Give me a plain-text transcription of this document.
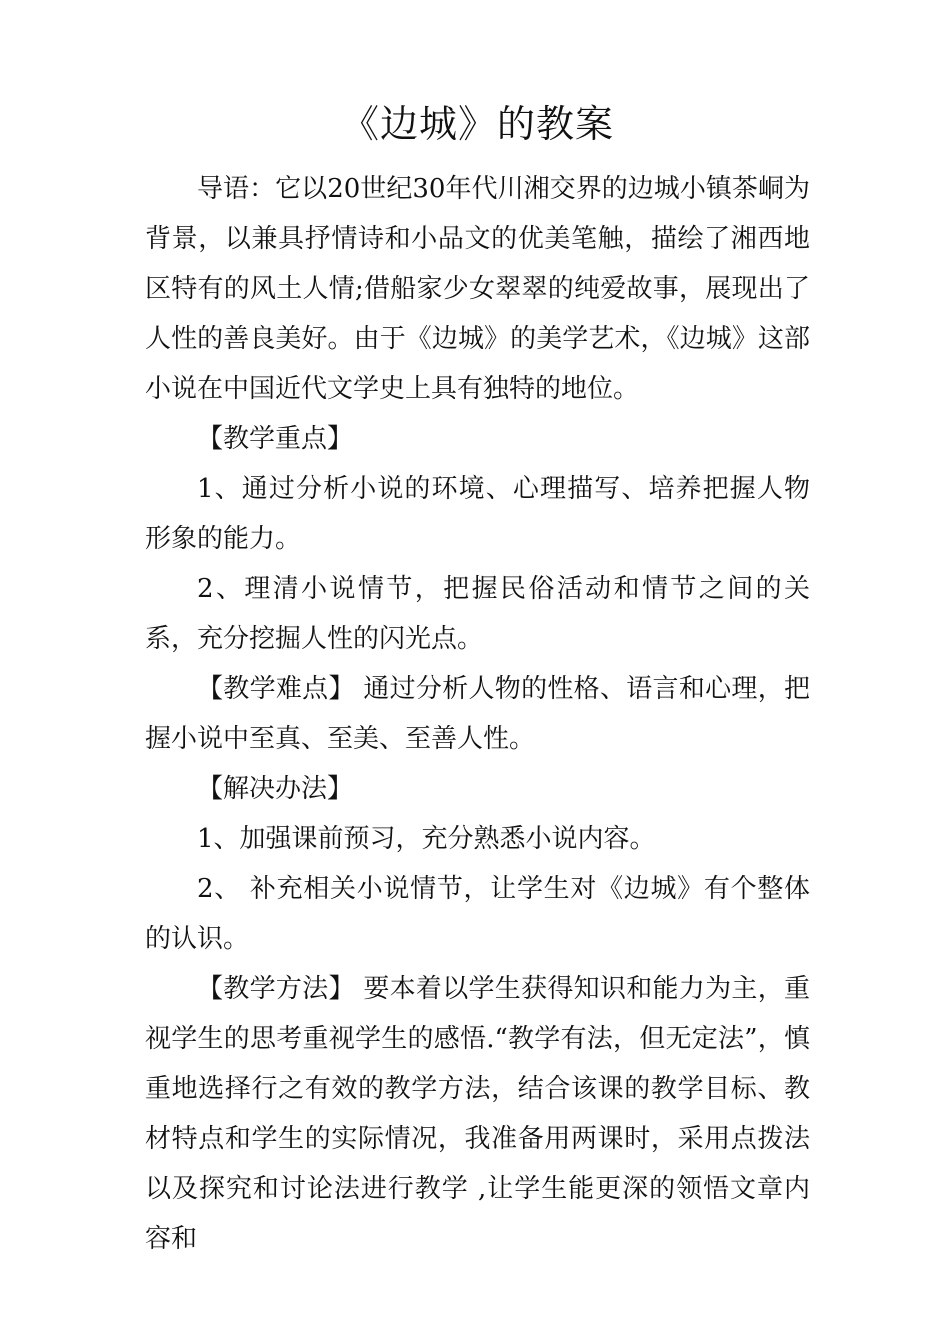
《边城》的教案

导语：它以20世纪30年代川湘交界的边城小镇茶峒为背景，以兼具抒情诗和小品文的优美笔触，描绘了湘西地区特有的风土人情;借船家少女翠翠的纯爱故事，展现出了人性的善良美好。由于《边城》的美学艺术，《边城》这部小说在中国近代文学史上具有独特的地位。

【教学重点】

1、通过分析小说的环境、心理描写、培养把握人物形象的能力。

2、理清小说情节，把握民俗活动和情节之间的关系，充分挖掘人性的闪光点。

【教学难点】 通过分析人物的性格、语言和心理，把握小说中至真、至美、至善人性。

【解决办法】

1、加强课前预习，充分熟悉小说内容。

2、 补充相关小说情节，让学生对《边城》有个整体的认识。

【教学方法】 要本着以学生获得知识和能力为主，重视学生的思考重视学生的感悟.“教学有法，但无定法”，慎重地选择行之有效的教学方法，结合该课的教学目标、教材特点和学生的实际情况，我准备用两课时，采用点拨法以及探究和讨论法进行教学 ,让学生能更深的领悟文章内容和
